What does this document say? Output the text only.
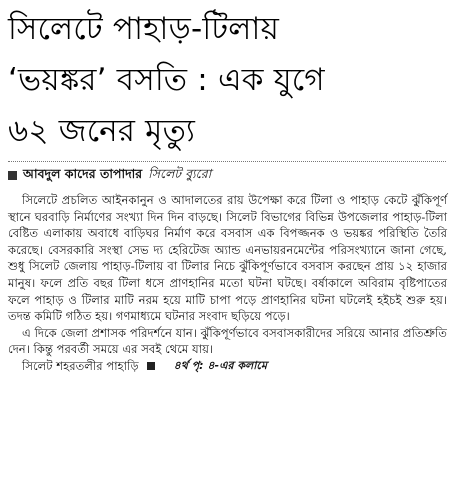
সিলেটে পাহাড়-টিলায়
‘ভয়ঙ্কর’ বসতি : এক যুগে
৬২ জনের মৃত্যু
আবদুল কাদের তাপাদার সিলেট ব্যুরো

সিলেটে প্রচলিত আইনকানুন ও আদালতের রায় উপেক্ষা করে টিলা ও পাহাড় কেটে ঝুঁকিপূর্ণ স্থানে ঘরবাড়ি নির্মাণের সংখ্যা দিন দিন বাড়ছে। সিলেট বিভাগের বিভিন্ন উপজেলার পাহাড়-টিলা বেষ্টিত এলাকায় অবাধে বাড়িঘর নির্মাণ করে বসবাস এক বিপজ্জনক ও ভয়ঙ্কর পরিস্থিতি তৈরি করেছে। বেসরকারি সংস্থা সেভ দ্য হেরিটেজ অ্যান্ড এনভায়রনমেন্টের পরিসংখ্যানে জানা গেছে, শুধু সিলেট জেলায় পাহাড়-টিলায় বা টিলার নিচে ঝুঁকিপূর্ণভাবে বসবাস করছেন প্রায় ১২ হাজার মানুষ। ফলে প্রতি বছর টিলা ধসে প্রাণহানির মতো ঘটনা ঘটছে। বর্ষাকালে অবিরাম বৃষ্টিপাতের ফলে পাহাড় ও টিলার মাটি নরম হয়ে মাটি চাপা পড়ে প্রাণহানির ঘটনা ঘটলেই হইচই শুরু হয়। তদন্ত কমিটি গঠিত হয়। গণমাধ্যমে ঘটনার সংবাদ ছড়িয়ে পড়ে।

এ দিকে জেলা প্রশাসক পরিদর্শনে যান। ঝুঁকিপূর্ণভাবে বসবাসকারীদের সরিয়ে আনার প্রতিশ্রুতি দেন। কিন্তু পরবর্তী সময়ে এর সবই থেমে যায়।

সিলেট শহরতলীর পাহাড়ি	৪র্থ পৃ: ৪-এর কলামে
